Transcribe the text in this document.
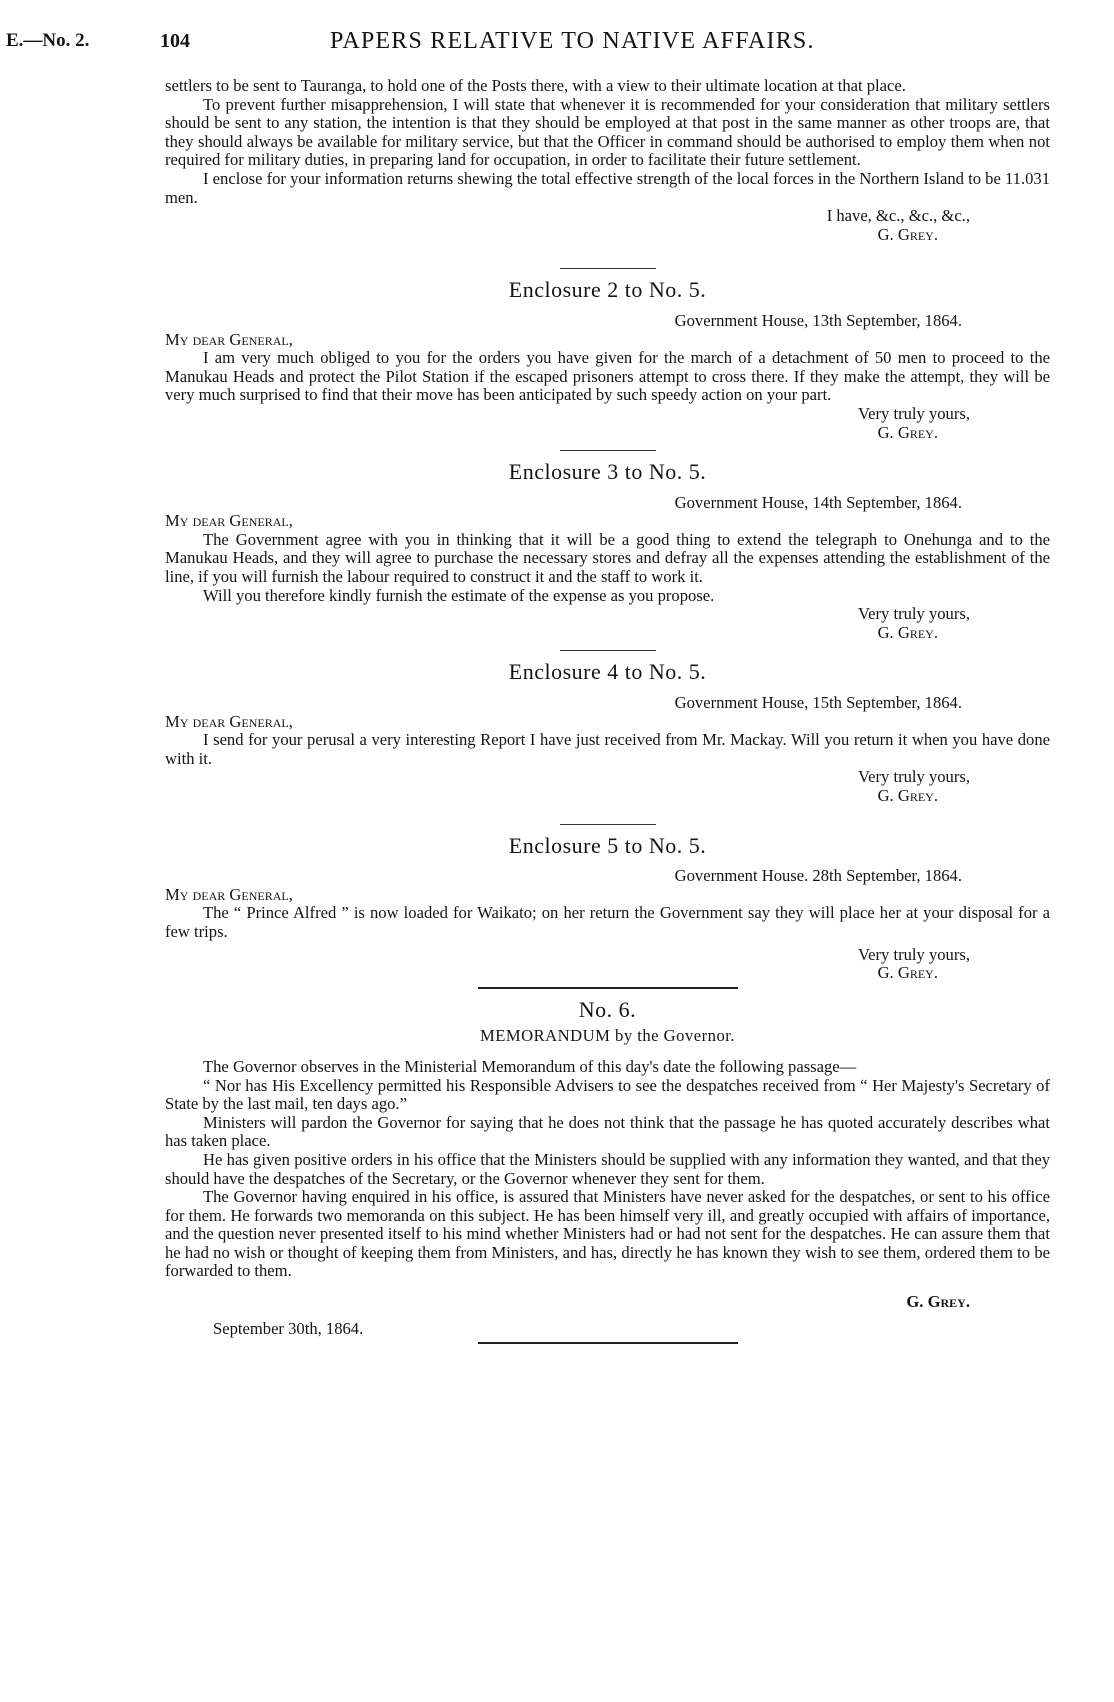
E.—No. 2.	104	PAPERS RELATIVE TO NATIVE AFFAIRS.

settlers to be sent to Tauranga, to hold one of the Posts there, with a view to their ultimate location at that place.

To prevent further misapprehension, I will state that whenever it is recommended for your consideration that military settlers should be sent to any station, the intention is that they should be employed at that post in the same manner as other troops are, that they should always be available for military service, but that the Officer in command should be authorised to employ them when not required for military duties, in preparing land for occupation, in order to facilitate their future settlement.

I enclose for your information returns shewing the total effective strength of the local forces in the Northern Island to be 11.031 men.

I have, &c., &c., &c.,

G. Grey.

Enclosure 2 to No. 5.

Government House, 13th September, 1864.

My dear General,

I am very much obliged to you for the orders you have given for the march of a detachment of 50 men to proceed to the Manukau Heads and protect the Pilot Station if the escaped prisoners attempt to cross there. If they make the attempt, they will be very much surprised to find that their move has been anticipated by such speedy action on your part.

Very truly yours,

G. Grey.

Enclosure 3 to No. 5.

Government House, 14th September, 1864.

My dear General,

The Government agree with you in thinking that it will be a good thing to extend the telegraph to Onehunga and to the Manukau Heads, and they will agree to purchase the necessary stores and defray all the expenses attending the establishment of the line, if you will furnish the labour required to construct it and the staff to work it.

Will you therefore kindly furnish the estimate of the expense as you propose.

Very truly yours,

G. Grey.

Enclosure 4 to No. 5.

Government House, 15th September, 1864.

My dear General,

I send for your perusal a very interesting Report I have just received from Mr. Mackay. Will you return it when you have done with it.

Very truly yours,

G. Grey.

Enclosure 5 to No. 5.

Government House. 28th September, 1864.

My dear General,

The “ Prince Alfred ” is now loaded for Waikato; on her return the Government say they will place her at your disposal for a few trips.

Very truly yours,

G. Grey.

No. 6.

MEMORANDUM by the Governor.

The Governor observes in the Ministerial Memorandum of this day's date the following passage—

“ Nor has His Excellency permitted his Responsible Advisers to see the despatches received from “ Her Majesty's Secretary of State by the last mail, ten days ago.”

Ministers will pardon the Governor for saying that he does not think that the passage he has quoted accurately describes what has taken place.

He has given positive orders in his office that the Ministers should be supplied with any information they wanted, and that they should have the despatches of the Secretary, or the Governor whenever they sent for them.

The Governor having enquired in his office, is assured that Ministers have never asked for the despatches, or sent to his office for them. He forwards two memoranda on this subject. He has been himself very ill, and greatly occupied with affairs of importance, and the question never presented itself to his mind whether Ministers had or had not sent for the despatches. He can assure them that he had no wish or thought of keeping them from Ministers, and has, directly he has known they wish to see them, ordered them to be forwarded to them.

G. Grey.

September 30th, 1864.
